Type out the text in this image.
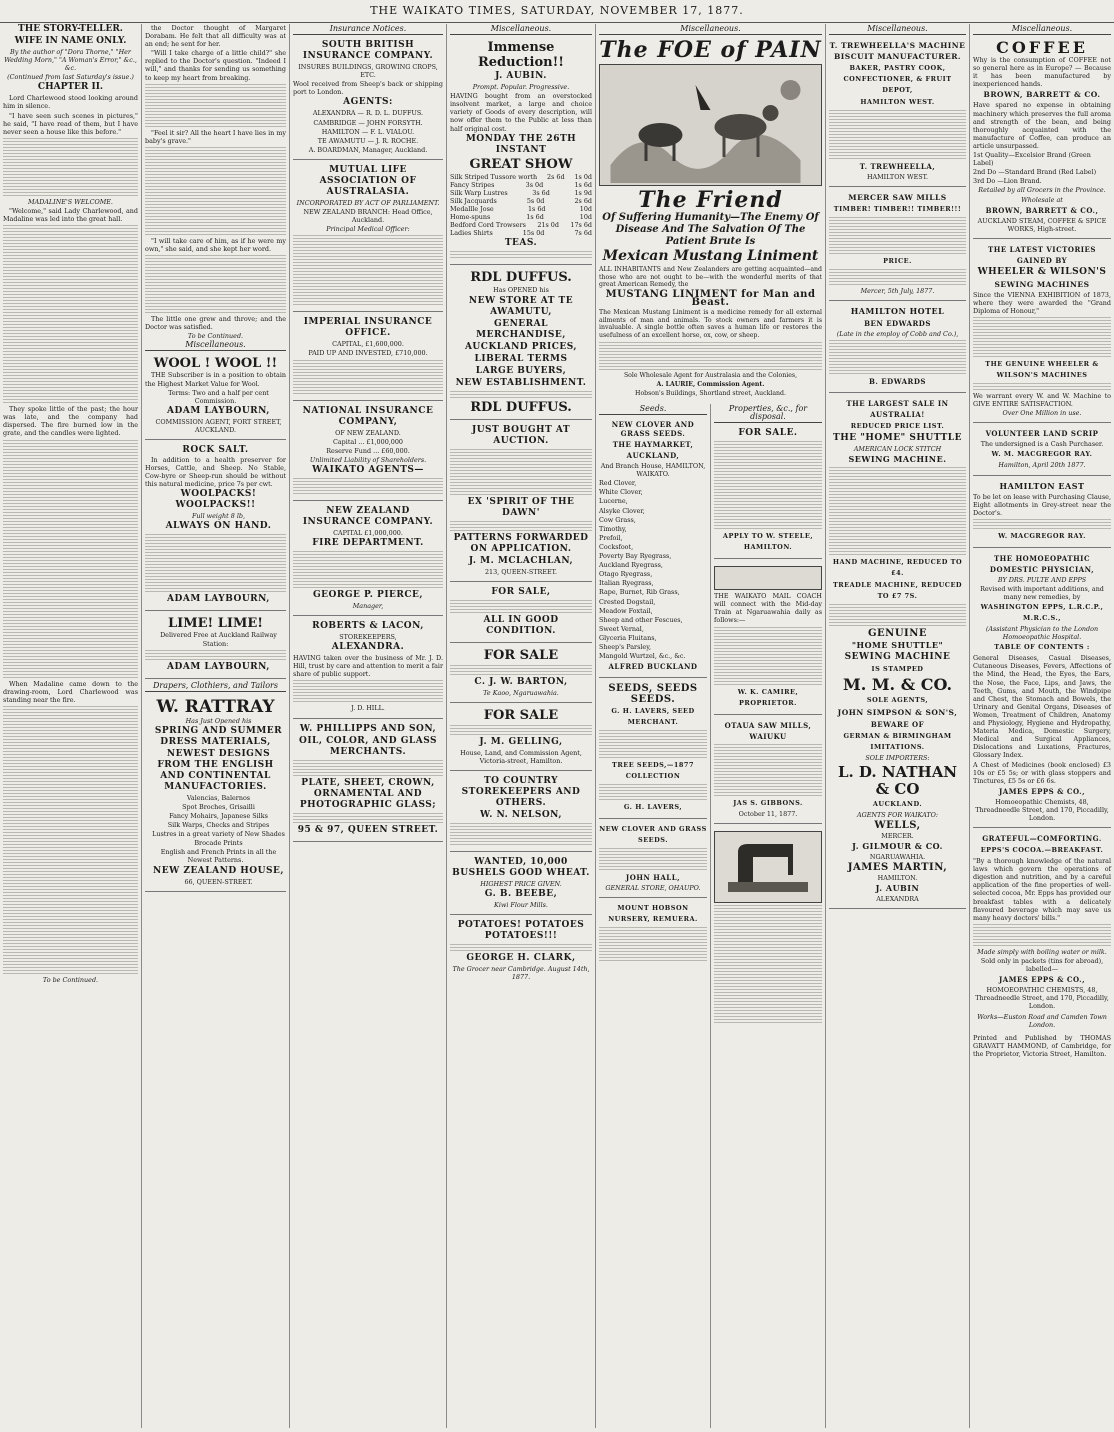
THE WAIKATO TIMES, SATURDAY, NOVEMBER 17, 1877.

THE STORY-TELLER.

WIFE IN NAME ONLY.

By the author of "Dora Thorne," "Her Wedding Morn," "A Woman's Error," &c., &c.

(Continued from last Saturday's issue.)

CHAPTER II.

Lord Charlewood stood looking around him in silence.

"I have seen such scenes in pictures," he said, "I have read of them, but I have never seen a house like this before."

MADALINE'S WELCOME.

"Welcome," said Lady Charlewood, and Madaline was led into the great hall.

They spoke little of the past; the hour was late, and the company had dispersed. The fire burned low in the grate, and the candles were lighted.

When Madaline came down to the drawing-room, Lord Charlewood was standing near the fire.

To be Continued.

the Doctor thought of Margaret Dorabam. He felt that all difficulty was at an end; he sent for her.

"Will I take charge of a little child?" she replied to the Doctor's question. "Indeed I will," and thanks for sending us something to keep my heart from breaking.

"Feel it sir? All the heart I have lies in my baby's grave."

"I will take care of him, as if he were my own," she said, and she kept her word.

The little one grew and throve; and the Doctor was satisfied.

To be Continued.

Miscellaneous.
WOOL ! WOOL !!

THE Subscriber is in a position to obtain the Highest Market Value for Wool.

Terms: Two and a half per cent Commission.

ADAM LAYBOURN,

COMMISSION AGENT, FORT STREET, AUCKLAND.

ROCK SALT.

In addition to a health preserver for Horses, Cattle, and Sheep. No Stable, Cow-byre or Sheep-run should be without this natural medicine, price 7s per cwt.

WOOLPACKS! WOOLPACKS!!

Full weight 8 lb,

ALWAYS ON HAND.

ADAM LAYBOURN,

LIME! LIME!

Delivered Free at Auckland Railway Station:

ADAM LAYBOURN,

Drapers, Clothiers, and Tailors
W. RATTRAY

Has Just Opened his

SPRING AND SUMMER DRESS MATERIALS,

NEWEST DESIGNS FROM THE ENGLISH AND CONTINENTAL MANUFACTORIES.

Valencias, Balernos

Spot Broches, Grisailli

Fancy Mohairs, Japanese Silks

Silk Warps, Checks and Stripes

Lustres in a great variety of New Shades

Brocade Prints

English and French Prints in all the Newest Patterns.

NEW ZEALAND HOUSE,

66, QUEEN-STREET.

Insurance Notices.
SOUTH BRITISH INSURANCE COMPANY.

INSURES BUILDINGS, GROWING CROPS, ETC.

Wool received from Sheep's back or shipping port to London.

AGENTS:

ALEXANDRA — R. D. L. DUFFUS.

CAMBRIDGE — JOHN FORSYTH.

HAMILTON — F. L. VIALOU.

TE AWAMUTU — J. R. ROCHE.

A. BOARDMAN, Manager, Auckland.

MUTUAL LIFE ASSOCIATION OF AUSTRALASIA.

INCORPORATED BY ACT OF PARLIAMENT.

NEW ZEALAND BRANCH: Head Office, Auckland.

Principal Medical Officer:

IMPERIAL INSURANCE OFFICE.

CAPITAL, £1,600,000.

PAID UP AND INVESTED, £710,000.

NATIONAL INSURANCE COMPANY,

OF NEW ZEALAND.

Capital ... £1,000,000

Reserve Fund ... £60,000.

Unlimited Liability of Shareholders.

WAIKATO AGENTS—

NEW ZEALAND INSURANCE COMPANY.

CAPITAL £1,000,000.

FIRE DEPARTMENT.

GEORGE P. PIERCE,

Manager,

ROBERTS & LACON,

STOREKEEPERS,

ALEXANDRA.

HAVING taken over the business of Mr. J. D. Hill, trust by care and attention to merit a fair share of public support.

J. D. HILL.

W. PHILLIPPS AND SON,

OIL, COLOR, AND GLASS MERCHANTS.

PLATE, SHEET, CROWN, ORNAMENTAL AND PHOTOGRAPHIC GLASS;

95 & 97, QUEEN STREET.

Miscellaneous.
Immense Reduction!!

J. AUBIN.

Prompt. Popular. Progressive.

HAVING bought from an overstocked insolvent market, a large and choice variety of Goods of every description, will now offer them to the Public at less than half original cost.

MONDAY THE 26TH INSTANT

GREAT SHOW

Silk Striped Tussore worth 2s 6d 1s 0d
Fancy Stripes	3s 0d	1s 6d
Silk Warp Lustres	3s 6d	1s 9d
Silk Jacquards	5s 0d	2s 6d
Medallle Jose	1s 6d	10d
Home-spuns	1s 6d	10d
Bedford Cord Trowsers 21s 0d 17s 6d
Ladies Shirts	15s 0d	7s 6d

TEAS.

RDL DUFFUS.

Has OPENED his

NEW STORE AT TE AWAMUTU,

GENERAL MERCHANDISE,

AUCKLAND PRICES,

LIBERAL TERMS

LARGE BUYERS,

NEW ESTABLISHMENT.

RDL DUFFUS.
JUST BOUGHT AT AUCTION.

EX 'SPIRIT OF THE DAWN'

PATTERNS FORWARDED ON APPLICATION.

J. M. MCLACHLAN,

213, QUEEN-STREET.

FOR SALE,

ALL IN GOOD CONDITION.

FOR SALE

C. J. W. BARTON,

Te Kaoo, Ngaruawahia.

FOR SALE

J. M. GELLING,

House, Land, and Commission Agent, Victoria-street, Hamilton.

TO COUNTRY STOREKEEPERS AND OTHERS.

W. N. NELSON,

WANTED, 10,000 BUSHELS GOOD WHEAT.

HIGHEST PRICE GIVEN.

G. B. BEEBE,

Kiwi Flour Mills.

POTATOES! POTATOES
POTATOES!!!

GEORGE H. CLARK,

The Grocer near Cambridge. August 14th, 1877.

Miscellaneous.
The FOE of PAIN
The Friend
Of Suffering Humanity—The Enemy Of Disease And The Salvation Of The Patient Brute Is
Mexican Mustang Liniment

ALL INHABITANTS and New Zealanders are getting acquainted—and those who are not ought to be—with the wonderful merits of that great American Remedy, the

MUSTANG LINIMENT for Man and Beast.

The Mexican Mustang Liniment is a medicine remedy for all external ailments of man and animals. To stock owners and farmers it is invaluable. A single bottle often saves a human life or restores the usefulness of an excellent horse, ox, cow, or sheep.

Sole Wholesale Agent for Australasia and the Colonies,

A. LAURIE, Commission Agent.

Hobson's Buildings, Shortland street, Auckland.

Seeds.
NEW CLOVER AND GRASS SEEDS.

THE HAYMARKET, AUCKLAND,

And Branch House, HAMILTON, WAIKATO.

Red Clover,

White Clover,

Lucerne,

Alsyke Clover,

Cow Grass,

Timothy,

Prefoil,

Cocksfoot,

Poverty Bay Ryegrass,

Auckland Ryegrass,

Otago Ryegrass,

Italian Ryegrass,

Rape, Burnet, Rib Grass,

Crested Dogstail,

Meadow Foxtail,

Sheep and other Fescues,

Sweet Vernal,

Glyceria Fluitans,

Sheep's Parsley,

Mangold Wurtzel, &c., &c.

ALFRED BUCKLAND

SEEDS, SEEDS SEEDS.

G. H. LAVERS, SEED MERCHANT.

TREE SEEDS,—1877 COLLECTION

G. H. LAVERS,

NEW CLOVER AND GRASS SEEDS.

JOHN HALL,

GENERAL STORE, OHAUPO.

MOUNT HOBSON NURSERY, REMUERA.
Properties, &c., for disposal.
FOR SALE.

APPLY TO W. STEELE, HAMILTON.

THE WAIKATO MAIL COACH will connect with the Mid-day Train at Ngaruawahia daily as follows:—

W. K. CAMIRE, PROPRIETOR.

OTAUA SAW MILLS, WAIUKU

JAS S. GIBBONS.

October 11, 1877.

Miscellaneous.
T. TREWHEELLA'S MACHINE BISCUIT MANUFACTURER.

BAKER, PASTRY COOK, CONFECTIONER, & FRUIT DEPOT,

HAMILTON WEST.

T. TREWHEELLA,

HAMILTON WEST.

MERCER SAW MILLS

TIMBER! TIMBER!! TIMBER!!!

PRICE.

Mercer, 5th July, 1877.

HAMILTON HOTEL

BEN EDWARDS

(Late in the employ of Cobb and Co.),

B. EDWARDS

THE LARGEST SALE IN AUSTRALIA!

REDUCED PRICE LIST.

THE "HOME" SHUTTLE

AMERICAN LOCK STITCH

SEWING MACHINE.

HAND MACHINE, REDUCED TO £4.

TREADLE MACHINE, REDUCED TO £7 7S.

GENUINE

"HOME SHUTTLE"

SEWING MACHINE

IS STAMPED

M. M. & CO.

SOLE AGENTS,

JOHN SIMPSON & SON'S,

BEWARE OF

GERMAN & BIRMINGHAM IMITATIONS.

SOLE IMPORTERS:

L. D. NATHAN & CO

AUCKLAND.

AGENTS FOR WAIKATO:

WELLS,

MERCER.

J. GILMOUR & CO.

NGARUAWAHIA.

JAMES MARTIN,

HAMILTON.

J. AUBIN

ALEXANDRA

Miscellaneous.
COFFEE

Why is the consumption of COFFEE not so general here as in Europe? — Because it has been manufactured by inexperienced hands.

BROWN, BARRETT & CO.

Have spared no expense in obtaining machinery which preserves the full aroma and strength of the bean, and being thoroughly acquainted with the manufacture of Coffee, can produce an article unsurpassed.

1st Quality—Excelsior Brand (Green Label)

2nd Do —Standard Brand (Red Label)

3rd Do —Lion Brand.

Retailed by all Grocers in the Province.

Wholesale at

BROWN, BARRETT & CO.,

AUCKLAND STEAM, COFFEE & SPICE WORKS, High-street.

THE LATEST VICTORIES GAINED BY

WHEELER & WILSON'S

SEWING MACHINES

Since the VIENNA EXHIBITION of 1873, where they were awarded the "Grand Diploma of Honour,"

THE GENUINE WHEELER & WILSON'S MACHINES

We warrant every W. and W. Machine to GIVE ENTIRE SATISFACTION.

Over One Million in use.

VOLUNTEER LAND SCRIP

The undersigned is a Cash Purchaser.

W. M. MACGREGOR RAY.

Hamilton, April 20th 1877.

HAMILTON EAST

To be let on lease with Purchasing Clause, Eight allotments in Grey-street near the Doctor's.

W. MACGREGOR RAY.

THE HOMOEOPATHIC DOMESTIC PHYSICIAN,

BY DRS. PULTE AND EPPS

Revised with important additions, and many new remedies, by

WASHINGTON EPPS, L.R.C.P., M.R.C.S.,

(Assistant Physician to the London Homoeopathic Hospital.

TABLE OF CONTENTS :

General Diseases, Casual Diseases, Cutaneous Diseases, Fevers, Affections of the Mind, the Head, the Eyes, the Ears, the Nose, the Face, Lips, and Jaws, the Teeth, Gums, and Mouth, the Windpipe and Chest, the Stomach and Bowels, the Urinary and Genital Organs, Diseases of Women, Treatment of Children, Anatomy and Physiology, Hygiene and Hydropathy, Materia Medica, Domestic Surgery, Medical and Surgical Appliances, Dislocations and Luxations, Fractures, Glossary Index.

A Chest of Medicines (book enclosed) £3 10s or £5 5s; or with glass stoppers and Tinctures, £5 5s or £6 6s.

JAMES EPPS & CO.,

Homoeopathic Chemists, 48, Threadneedle Street, and 170, Piccadilly, London.

GRATEFUL—COMFORTING.

EPPS'S COCOA.—BREAKFAST.

"By a thorough knowledge of the natural laws which govern the operations of digestion and nutrition, and by a careful application of the fine properties of well-selected cocoa, Mr. Epps has provided our breakfast tables with a delicately flavoured beverage which may save us many heavy doctors' bills."

Made simply with boiling water or milk.

Sold only in packets (tins for abroad), labelled—

JAMES EPPS & CO.,

HOMOEOPATHIC CHEMISTS, 48, Threadneedle Street, and 170, Piccadilly, London.

Works—Euston Road and Camden Town London.

Printed and Published by THOMAS GRAVATT HAMMOND, of Cambridge, for the Proprietor, Victoria Street, Hamilton.
